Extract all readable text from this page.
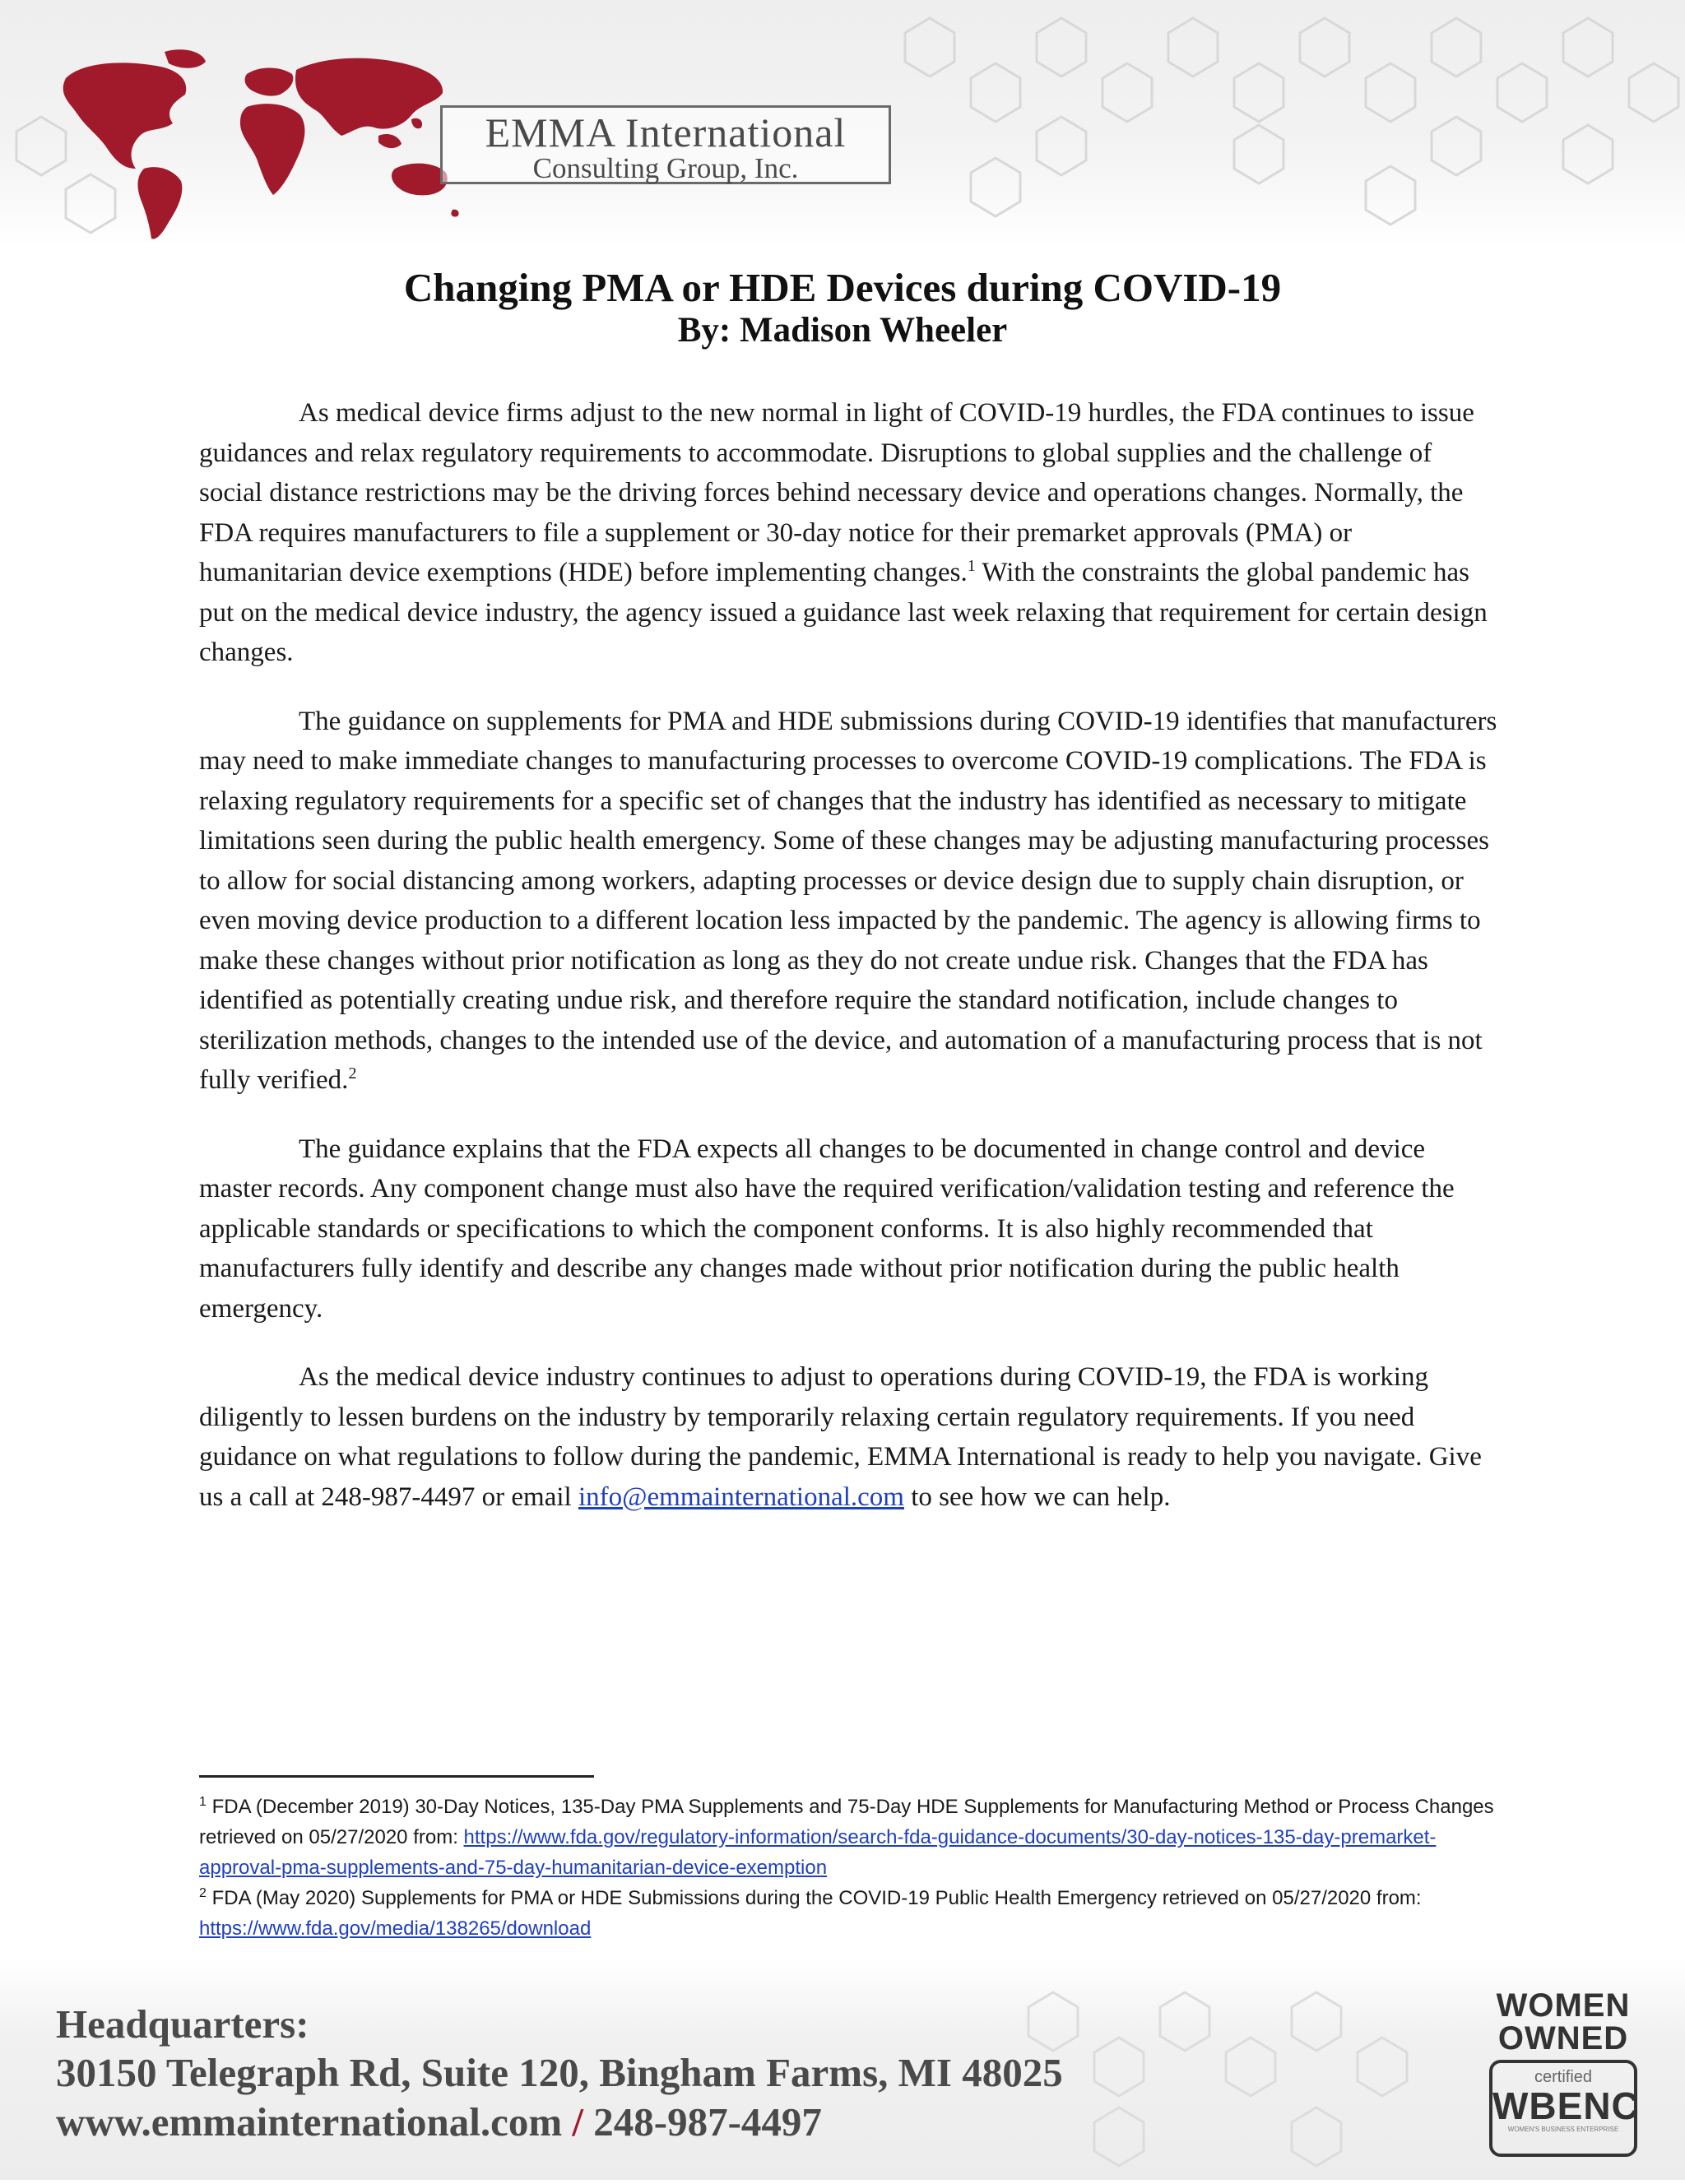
EMMA International
Consulting Group, Inc.
Changing PMA or HDE Devices during COVID-19
By: Madison Wheeler

As medical device firms adjust to the new normal in light of COVID-19 hurdles, the FDA continues to issue guidances and relax regulatory requirements to accommodate. Disruptions to global supplies and the challenge of social distance restrictions may be the driving forces behind necessary device and operations changes. Normally, the FDA requires manufacturers to file a supplement or 30-day notice for their premarket approvals (PMA) or humanitarian device exemptions (HDE) before implementing changes.$^1$ With the constraints the global pandemic has put on the medical device industry, the agency issued a guidance last week relaxing that requirement for certain design changes.

The guidance on supplements for PMA and HDE submissions during COVID-19 identifies that manufacturers may need to make immediate changes to manufacturing processes to overcome COVID-19 complications. The FDA is relaxing regulatory requirements for a specific set of changes that the industry has identified as necessary to mitigate limitations seen during the public health emergency. Some of these changes may be adjusting manufacturing processes to allow for social distancing among workers, adapting processes or device design due to supply chain disruption, or even moving device production to a different location less impacted by the pandemic. The agency is allowing firms to make these changes without prior notification as long as they do not create undue risk. Changes that the FDA has identified as potentially creating undue risk, and therefore require the standard notification, include changes to sterilization methods, changes to the intended use of the device, and automation of a manufacturing process that is not fully verified.$^2$

The guidance explains that the FDA expects all changes to be documented in change control and device master records. Any component change must also have the required verification/validation testing and reference the applicable standards or specifications to which the component conforms. It is also highly recommended that manufacturers fully identify and describe any changes made without prior notification during the public health emergency.

As the medical device industry continues to adjust to operations during COVID-19, the FDA is working diligently to lessen burdens on the industry by temporarily relaxing certain regulatory requirements. If you need guidance on what regulations to follow during the pandemic, EMMA International is ready to help you navigate. Give us a call at 248-987-4497 or email info@emmainternational.com to see how we can help.

$^1$ FDA (December 2019) 30-Day Notices, 135-Day PMA Supplements and 75-Day HDE Supplements for Manufacturing Method or Process Changes retrieved on 05/27/2020 from: https://www.fda.gov/regulatory-information/search-fda-guidance-documents/30-day-notices-135-day-premarket-approval-pma-supplements-and-75-day-humanitarian-device-exemption

$^2$ FDA (May 2020) Supplements for PMA or HDE Submissions during the COVID-19 Public Health Emergency retrieved on 05/27/2020 from: https://www.fda.gov/media/138265/download

Headquarters:
30150 Telegraph Rd, Suite 120, Bingham Farms, MI 48025
www.emmainternational.com / 248-987-4497
WOMEN
OWNED
certified
WBENC
WOMEN'S BUSINESS ENTERPRISE
